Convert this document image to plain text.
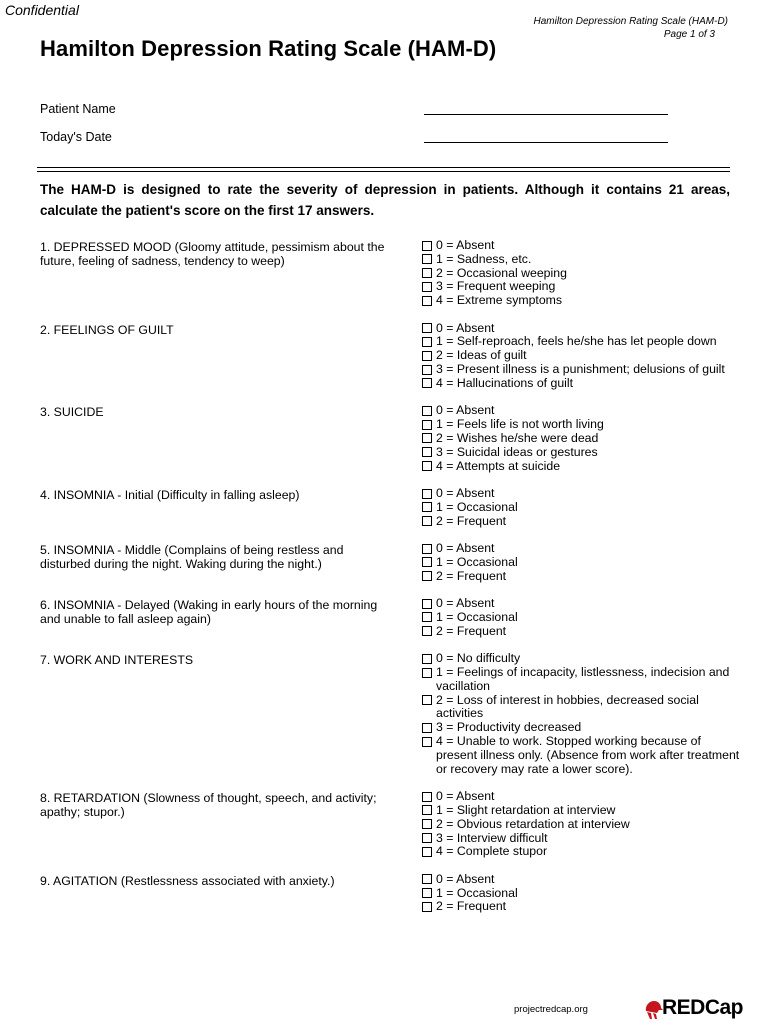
Confidential
Hamilton Depression Rating Scale (HAM-D)
Page 1 of 3
Hamilton Depression Rating Scale (HAM-D)
Patient Name
Today's Date
The HAM-D is designed to rate the severity of depression in patients. Although it contains 21 areas, calculate the patient's score on the first 17 answers.
1. DEPRESSED MOOD (Gloomy attitude, pessimism about the future, feeling of sadness, tendency to weep)
0 = Absent
1 = Sadness, etc.
2 = Occasional weeping
3 = Frequent weeping
4 = Extreme symptoms
2. FEELINGS OF GUILT	0 = Absent
1 = Self-reproach, feels he/she has let people down
2 = Ideas of guilt
3 = Present illness is a punishment; delusions of guilt
4 = Hallucinations of guilt
3. SUICIDE	0 = Absent
1 = Feels life is not worth living
2 = Wishes he/she were dead
3 = Suicidal ideas or gestures
4 = Attempts at suicide
4. INSOMNIA - Initial (Difficulty in falling asleep)	0 = Absent
1 = Occasional
2 = Frequent
5. INSOMNIA - Middle (Complains of being restless and disturbed during the night. Waking during the night.)
0 = Absent
1 = Occasional
2 = Frequent
6. INSOMNIA - Delayed (Waking in early hours of the morning and unable to fall asleep again)
0 = Absent
1 = Occasional
2 = Frequent
7. WORK AND INTERESTS	0 = No difficulty
1 = Feelings of incapacity, listlessness, indecision and vacillation
2 = Loss of interest in hobbies, decreased social activities
3 = Productivity decreased
4 = Unable to work. Stopped working because of present illness only. (Absence from work after treatment or recovery may rate a lower score).
8. RETARDATION (Slowness of thought, speech, and activity; apathy; stupor.)
0 = Absent
1 = Slight retardation at interview
2 = Obvious retardation at interview
3 = Interview difficult
4 = Complete stupor
9. AGITATION (Restlessness associated with anxiety.)	0 = Absent
1 = Occasional
2 = Frequent
projectredcap.org	REDCap
